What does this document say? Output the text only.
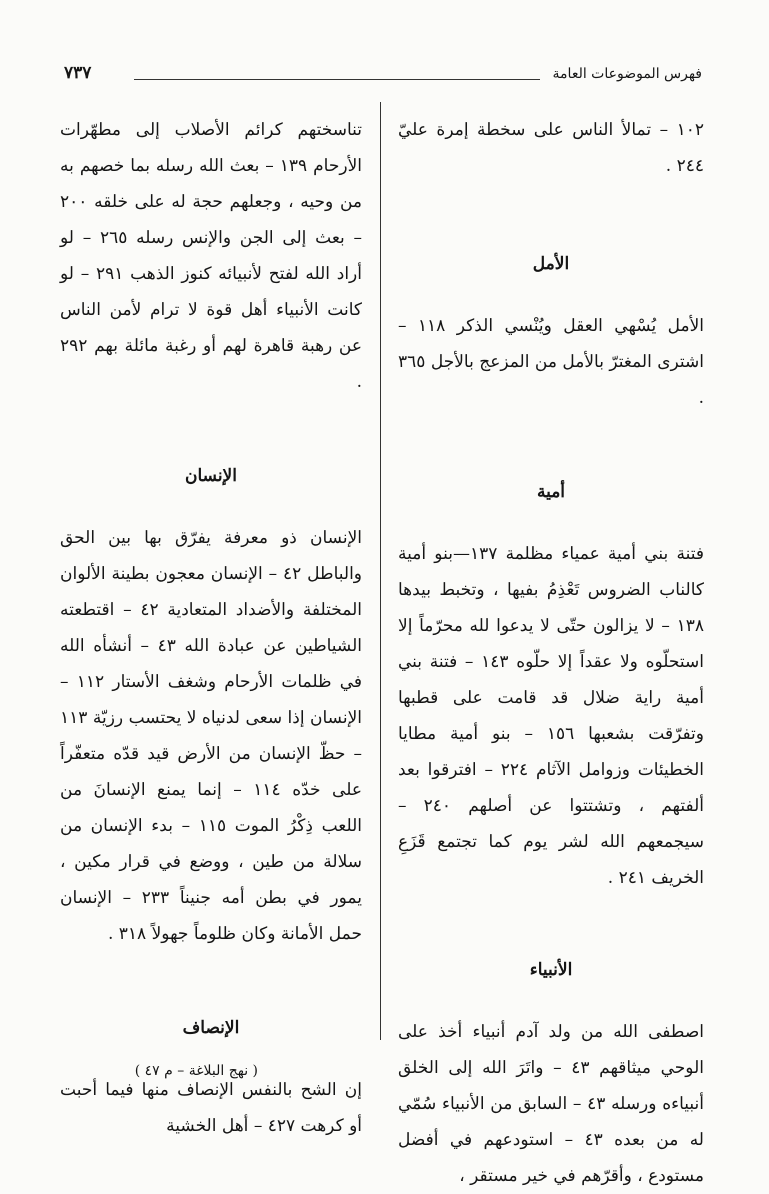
فهرس الموضوعات العامة
٧٣٧

١٠٢ – تمالأ الناس على سخطة إمرة عليّ ٢٤٤ .

الأمل

الأمل يُسْهي العقل ويُنْسي الذكر ١١٨ – اشترى المغترّ بالأمل من المزعج بالأجل ٣٦٥ .

أمية

فتنة بني أمية عمياء مظلمة ١٣٧—بنو أمية كالناب الضروس تَعْذِمُ بفيها ، وتخبط بيدها ١٣٨ – لا يزالون حتّى لا يدعوا لله محرّماً إلا استحلّوه ولا عقداً إلا حلّوه ١٤٣ – فتنة بني أمية راية ضلال قد قامت على قطبها وتفرّقت بشعبها ١٥٦ – بنو أمية مطايا الخطيئات وزوامل الآثام ٢٢٤ – افترقوا بعد ألفتهم ، وتشتتوا عن أصلهم ٢٤٠ – سيجمعهم الله لشر يوم كما تجتمع قَزَعِ الخريف ٢٤١ .

الأنبياء

اصطفى الله من ولد آدم أنبياء أخذ على الوحي ميثاقهم ٤٣ – واتَرَ الله إلى الخلق أنبياءه ورسله ٤٣ – السابق من الأنبياء سُمّي له من بعده ٤٣ – استودعهم في أفضل مستودع ، وأقرّهم في خير مستقر ،

تناسختهم كرائم الأصلاب إلى مطهّرات الأرحام ١٣٩ – بعث الله رسله بما خصهم به من وحيه ، وجعلهم حجة له على خلقه ٢٠٠ – بعث إلى الجن والإنس رسله ٢٦٥ – لو أراد الله لفتح لأنبيائه كنوز الذهب ٢٩١ – لو كانت الأنبياء أهل قوة لا ترام لأمن الناس عن رهبة قاهرة لهم أو رغبة مائلة بهم ٢٩٢ .

الإنسان

الإنسان ذو معرفة يفرّق بها بين الحق والباطل ٤٢ – الإنسان معجون بطينة الألوان المختلفة والأضداد المتعادية ٤٢ – اقتطعته الشياطين عن عبادة الله ٤٣ – أنشأه الله في ظلمات الأرحام وشغف الأستار ١١٢ – الإنسان إذا سعى لدنياه لا يحتسب رزيّة ١١٣ – حظّ الإنسان من الأرض قيد قدّه متعفّراً على خدّه ١١٤ – إنما يمنع الإنسانَ من اللعب ذِكْرُ الموت ١١٥ – بدء الإنسان من سلالة من طين ، ووضع في قرار مكين ، يمور في بطن أمه جنيناً ٢٣٣ – الإنسان حمل الأمانة وكان ظلوماً جهولاً ٣١٨ .

الإنصاف

إن الشح بالنفس الإنصاف منها فيما أحبت أو كرهت ٤٢٧ – أهل الخشية

( نهج البلاغة – م ٤٧ )
